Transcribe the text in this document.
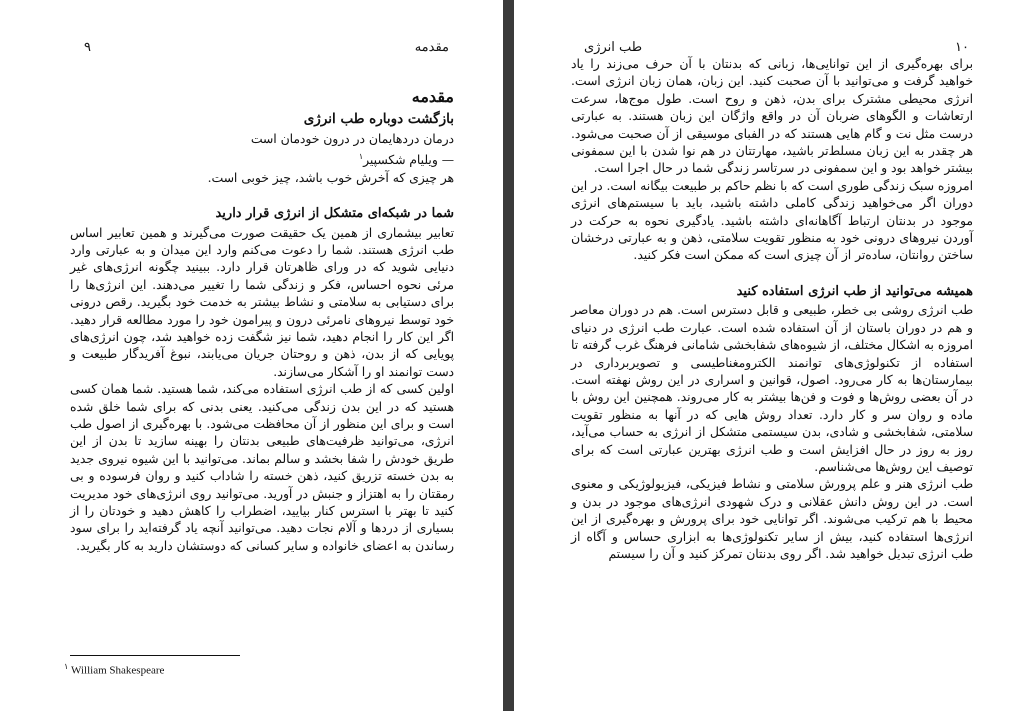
مقدمه
۹

مقدمه

بازگشت دوباره طب انرژی

درمان دردهایمان در درون خودمان است

— ویلیام شکسپیر$^۱$

هر چیزی که آخرش خوب باشد، چیز خوبی است.

شما در شبکه‌ای متشکل از انرژی قرار دارید

تعابیر بیشماری از همین یک حقیقت صورت می‌گیرند و همین تعابیر اساس طب انرژی هستند. شما را دعوت می‌کنم وارد این میدان و به عبارتی وارد دنیایی شوید که در ورای ظاهرتان قرار دارد. ببینید چگونه انرژی‌های غیر مرئی نحوه احساس، فکر و زندگی شما را تغییر می‌دهند. این انرژی‌ها را برای دستیابی به سلامتی و نشاط بیشتر به خدمت خود بگیرید. رقص درونی خود توسط نیروهای نامرئی درون و پیرامون خود را مورد مطالعه قرار دهید. اگر این کار را انجام دهید، شما نیز شگفت زده خواهید شد، چون انرژی‌های پویایی که از بدن، ذهن و روحتان جریان می‌یابند، نبوغ آفریدگار طبیعت و دست توانمند او را آشکار می‌سازند.

اولین کسی که از طب انرژی استفاده می‌کند، شما هستید. شما همان کسی هستید که در این بدن زندگی می‌کنید. یعنی بدنی که برای شما خلق شده است و برای این منظور از آن محافظت می‌شود. با بهره‌گیری از اصول طب انرژی، می‌توانید ظرفیت‌های طبیعی بدنتان را بهینه سازید تا بدن از این طریق خودش را شفا بخشد و سالم بماند. می‌توانید با این شیوه نیروی جدید به بدن خسته تزریق کنید، ذهن خسته را شاداب کنید و روان فرسوده و بی رمقتان را به اهتزاز و جنبش در آورید. می‌توانید روی انرژی‌های خود مدیریت کنید تا بهتر با استرس کنار بیایید، اضطراب را کاهش دهید و خودتان را از بسیاری از دردها و آلام نجات دهید. می‌توانید آنچه یاد گرفته‌اید را برای سود رساندن به اعضای خانواده و سایر کسانی که دوستشان دارید به کار بگیرید.

$^۱$ William Shakespeare
۱۰
طب انرژی

برای بهره‌گیری از این توانایی‌ها، زبانی که بدنتان با آن حرف می‌زند را یاد خواهید گرفت و می‌توانید با آن صحبت کنید. این زبان، همان زبان انرژی است. انرژی محیطی مشترک برای بدن، ذهن و روح است. طول موج‌ها، سرعت ارتعاشات و الگوهای ضربان آن در واقع واژگان این زبان هستند. به عبارتی درست مثل نت و گام هایی هستند که در الفبای موسیقی از آن صحبت می‌شود. هر چقدر به این زبان مسلط‌تر باشید، مهارتتان در هم نوا شدن با این سمفونی بیشتر خواهد بود و این سمفونی در سرتاسر زندگی شما در حال اجرا است.

امروزه سبک زندگی طوری است که با نظم حاکم بر طبیعت بیگانه است. در این دوران اگر می‌خواهید زندگی کاملی داشته باشید، باید با سیستم‌های انرژی موجود در بدنتان ارتباط آگاهانه‌ای داشته باشید. یادگیری نحوه به حرکت در آوردن نیروهای درونی خود به منظور تقویت سلامتی، ذهن و به عبارتی درخشان ساختن روانتان، ساده‌تر از آن چیزی است که ممکن است فکر کنید.

همیشه می‌توانید از طب انرژی استفاده کنید

طب انرژی روشی بی خطر، طبیعی و قابل دسترس است. هم در دوران معاصر و هم در دوران باستان از آن استفاده شده است. عبارت طب انرژی در دنیای امروزه به اشکال مختلف، از شیوه‌های شفابخشی شامانی فرهنگ غرب گرفته تا استفاده از تکنولوژی‌های توانمند الکترومغناطیسی و تصویربرداری در بیمارستان‌ها به کار می‌رود. اصول، قوانین و اسراری در این روش نهفته است. در آن بعضی روش‌ها و فوت و فن‌ها بیشتر به کار می‌روند. همچنین این روش با ماده و روان سر و کار دارد. تعداد روش هایی که در آنها به منظور تقویت سلامتی، شفابخشی و شادی، بدن سیستمی متشکل از انرژی به حساب می‌آید، روز به روز در حال افزایش است و طب انرژی بهترین عبارتی است که برای توصیف این روش‌ها می‌شناسم.

طب انرژی هنر و علم پرورش سلامتی و نشاط فیزیکی، فیزیولوژیکی و معنوی است. در این روش دانش عقلانی و درک شهودی انرژی‌های موجود در بدن و محیط با هم ترکیب می‌شوند. اگر توانایی خود برای پرورش و بهره‌گیری از این انرژی‌ها استفاده کنید، بیش از سایر تکنولوژی‌ها به ابزاری حساس و آگاه از طب انرژی تبدیل خواهید شد. اگر روی بدنتان تمرکز کنید و آن را سیستم
